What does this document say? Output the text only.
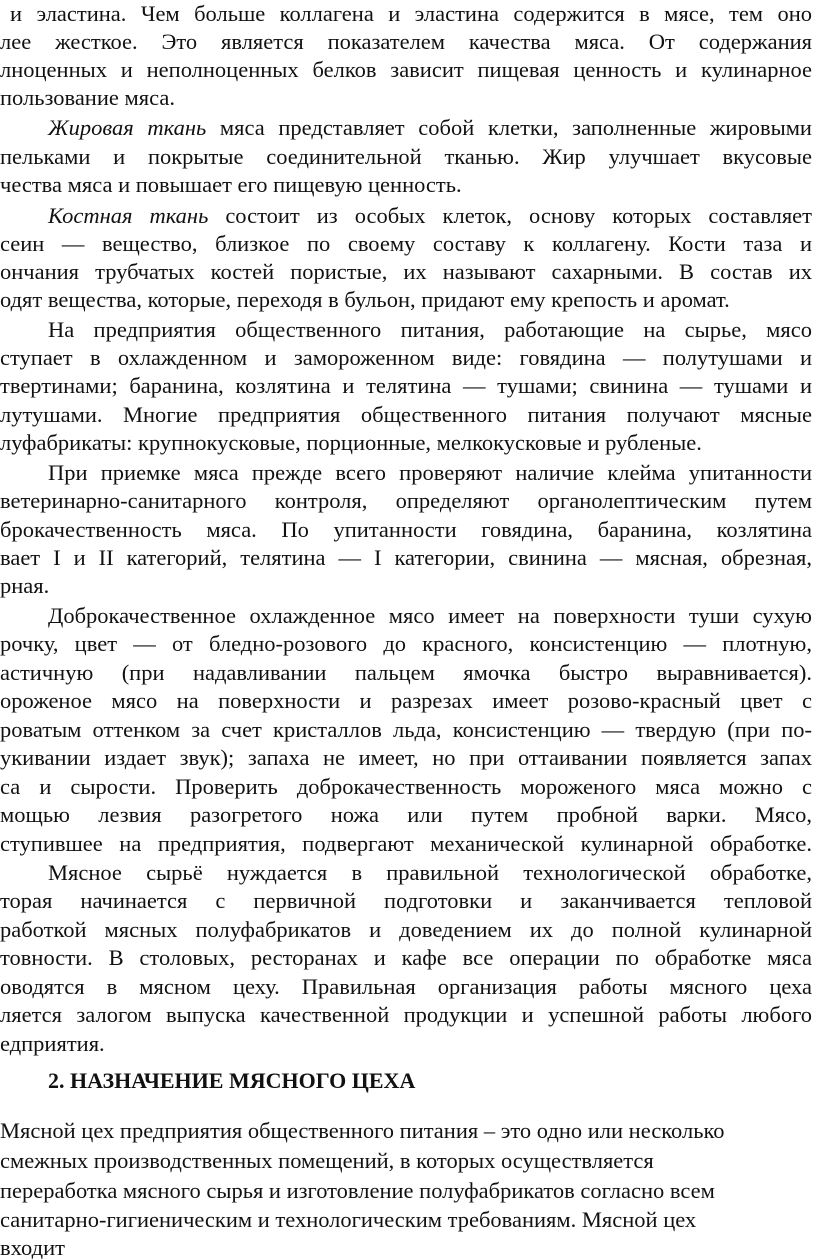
и эластина. Чем больше коллагена и эластина содержится в мясе, тем оно
лее жесткое. Это является показателем качества мяса. От содержания
лноценных и неполноценных белков зависит пищевая ценность и кулинарное
пользование мяса.
Жировая ткань мяса представляет собой клетки, заполненные жировыми
пельками и покрытые соединительной тканью. Жир улучшает вкусовые
чества мяса и повышает его пищевую ценность.
Костная ткань состоит из особых клеток, основу которых составляет
сеин — вещество, близкое по своему составу к коллагену. Кости таза и
ончания трубчатых костей пористые, их называют сахарными. В состав их
одят вещества, которые, переходя в бульон, придают ему крепость и аромат.
На предприятия общественного питания, работающие на сырье, мясо
ступает в охлажденном и замороженном виде: говядина — полутушами и
твертинами; баранина, козлятина и телятина — тушами; свинина — тушами и
лутушами. Многие предприятия общественного питания получают мясные
луфабрикаты: крупнокусковые, порционные, мелкокусковые и рубленые.
При приемке мяса прежде всего проверяют наличие клейма упитанности
ветеринарно-санитарного контроля, определяют органолептическим путем
брокачественность мяса. По упитанности говядина, баранина, козлятина
вает I и II категорий, телятина — I категории, свинина — мясная, обрезная,
рная.
Доброкачественное охлажденное мясо имеет на поверхности туши сухую
рочку, цвет — от бледно-розового до красного, консистенцию — плотную,
астичную (при надавливании пальцем ямочка быстро выравнивается).
ороженое мясо на поверхности и разрезах имеет розово-красный цвет с
роватым оттенком за счет кристаллов льда, консистенцию — твердую (при по-
укивании издает звук); запаха не имеет, но при оттаивании появляется запах
са и сырости. Проверить доброкачественность мороженого мяса можно с
мощью лезвия разогретого ножа или путем пробной варки. Мясо,
ступившее на предприятия, подвергают механической кулинарной обработке.
Мясное сырьё нуждается в правильной технологической обработке,
торая начинается с первичной подготовки и заканчивается тепловой
работкой мясных полуфабрикатов и доведением их до полной кулинарной
товности. В столовых, ресторанах и кафе все операции по обработке мяса
оводятся в мясном цеху. Правильная организация работы мясного цеха
ляется залогом выпуска качественной продукции и успешной работы любого
едприятия.
2. НАЗНАЧЕНИЕ МЯСНОГО ЦЕХА
Мясной цех предприятия общественного питания – это одно или несколько
смежных производственных помещений, в которых осуществляется
переработка мясного сырья и изготовление полуфабрикатов согласно всем
санитарно-гигиеническим и технологическим требованиям. Мясной цех
входит
